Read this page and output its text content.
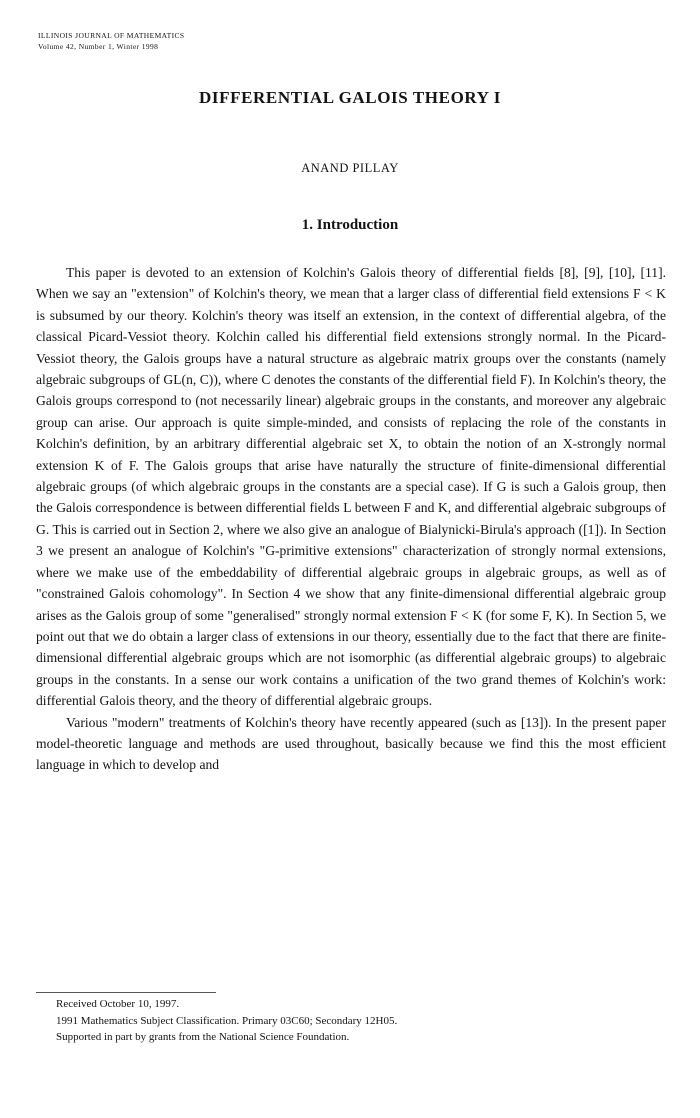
ILLINOIS JOURNAL OF MATHEMATICS
Volume 42, Number 1, Winter 1998
DIFFERENTIAL GALOIS THEORY I
ANAND PILLAY
1. Introduction

This paper is devoted to an extension of Kolchin's Galois theory of differential fields [8], [9], [10], [11]. When we say an "extension" of Kolchin's theory, we mean that a larger class of differential field extensions F < K is subsumed by our theory. Kolchin's theory was itself an extension, in the context of differential algebra, of the classical Picard-Vessiot theory. Kolchin called his differential field extensions strongly normal. In the Picard-Vessiot theory, the Galois groups have a natural structure as algebraic matrix groups over the constants (namely algebraic subgroups of GL(n, C)), where C denotes the constants of the differential field F). In Kolchin's theory, the Galois groups correspond to (not necessarily linear) algebraic groups in the constants, and moreover any algebraic group can arise. Our approach is quite simple-minded, and consists of replacing the role of the constants in Kolchin's definition, by an arbitrary differential algebraic set X, to obtain the notion of an X-strongly normal extension K of F. The Galois groups that arise have naturally the structure of finite-dimensional differential algebraic groups (of which algebraic groups in the constants are a special case). If G is such a Galois group, then the Galois correspondence is between differential fields L between F and K, and differential algebraic subgroups of G. This is carried out in Section 2, where we also give an analogue of Bialynicki-Birula's approach ([1]). In Section 3 we present an analogue of Kolchin's "G-primitive extensions" characterization of strongly normal extensions, where we make use of the embeddability of differential algebraic groups in algebraic groups, as well as of "constrained Galois cohomology". In Section 4 we show that any finite-dimensional differential algebraic group arises as the Galois group of some "generalised" strongly normal extension F < K (for some F, K). In Section 5, we point out that we do obtain a larger class of extensions in our theory, essentially due to the fact that there are finite-dimensional differential algebraic groups which are not isomorphic (as differential algebraic groups) to algebraic groups in the constants. In a sense our work contains a unification of the two grand themes of Kolchin's work: differential Galois theory, and the theory of differential algebraic groups.

Various "modern" treatments of Kolchin's theory have recently appeared (such as [13]). In the present paper model-theoretic language and methods are used throughout, basically because we find this the most efficient language in which to develop and

Received October 10, 1997.
1991 Mathematics Subject Classification. Primary 03C60; Secondary 12H05.
Supported in part by grants from the National Science Foundation.
